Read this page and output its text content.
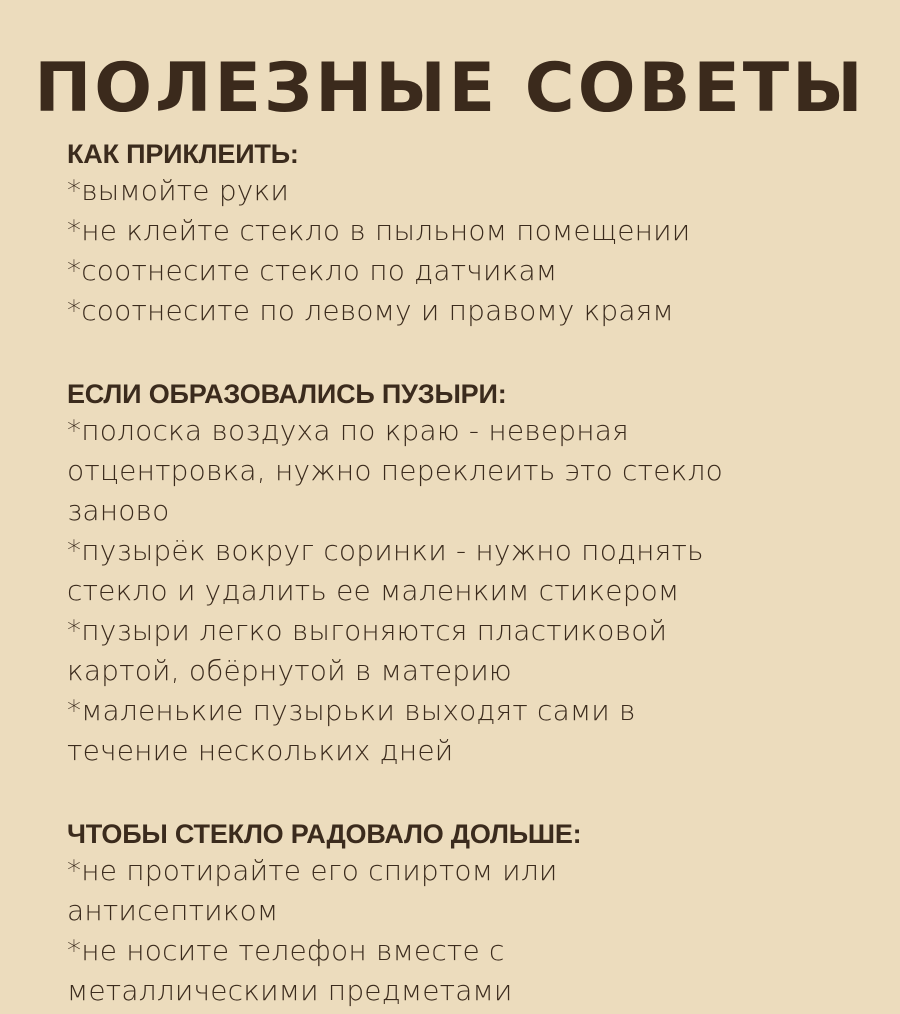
ПОЛЕЗНЫЕ СОВЕТЫ
КАК ПРИКЛЕИТЬ:
*вымойте руки
*не клейте стекло в пыльном помещении
*соотнесите стекло по датчикам
*соотнесите по левому и правому краям
ЕСЛИ ОБРАЗОВАЛИСЬ ПУЗЫРИ:
*полоска воздуха по краю - неверная
отцентровка, нужно переклеить это стекло
заново
*пузырёк вокруг соринки - нужно поднять
стекло и удалить ее маленким стикером
*пузыри легко выгоняются пластиковой
картой, обёрнутой в материю
*маленькие пузырьки выходят сами в
течение нескольких дней
ЧТОБЫ СТЕКЛО РАДОВАЛО ДОЛЬШЕ:
*не протирайте его спиртом или
антисептиком
*не носите телефон вместе с
металлическими предметами
